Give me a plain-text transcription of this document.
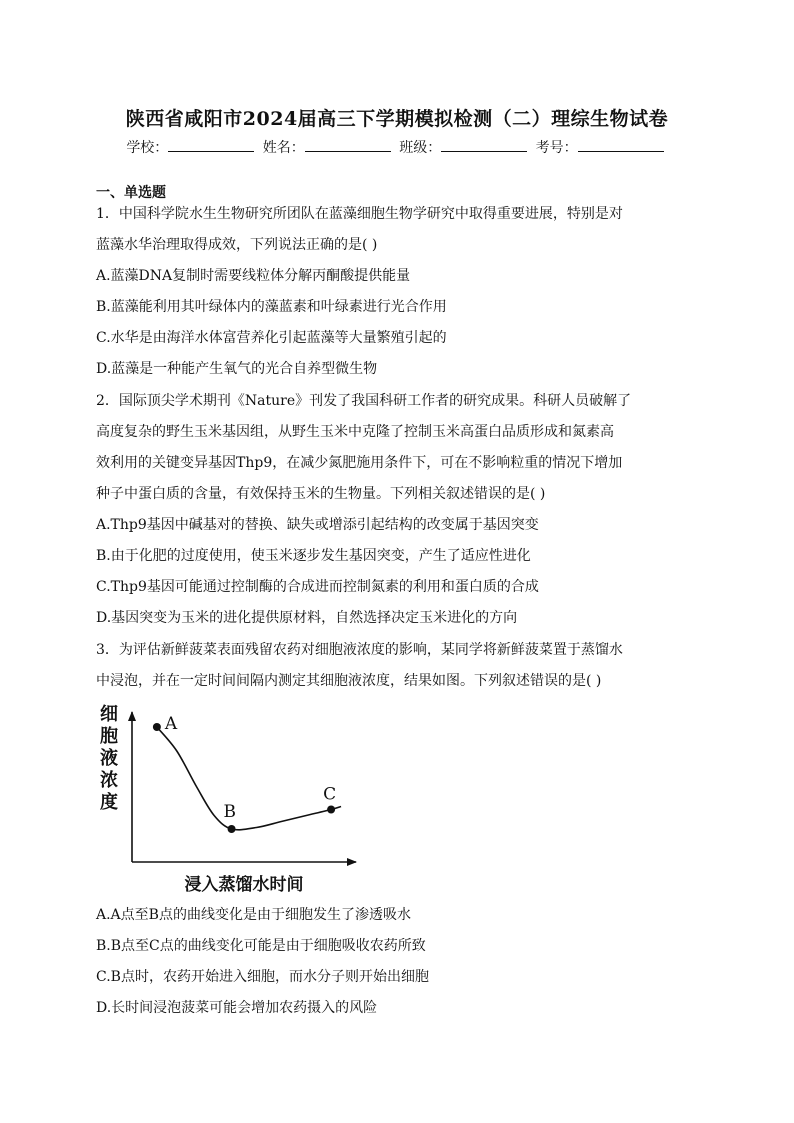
陕西省咸阳市2024届高三下学期模拟检测（二）理综生物试卷
学校：	姓名：	班级：	考号：
一、单选题
1．中国科学院水生生物研究所团队在蓝藻细胞生物学研究中取得重要进展，特别是对
蓝藻水华治理取得成效，下列说法正确的是( )
A.蓝藻DNA复制时需要线粒体分解丙酮酸提供能量
B.蓝藻能利用其叶绿体内的藻蓝素和叶绿素进行光合作用
C.水华是由海洋水体富营养化引起蓝藻等大量繁殖引起的
D.蓝藻是一种能产生氧气的光合自养型微生物
2．国际顶尖学术期刊《Nature》刊发了我国科研工作者的研究成果。科研人员破解了
高度复杂的野生玉米基因组，从野生玉米中克隆了控制玉米高蛋白品质形成和氮素高
效利用的关键变异基因Thp9，在减少氮肥施用条件下，可在不影响粒重的情况下增加
种子中蛋白质的含量，有效保持玉米的生物量。下列相关叙述错误的是( )
A.Thp9基因中碱基对的替换、缺失或增添引起结构的改变属于基因突变
B.由于化肥的过度使用，使玉米逐步发生基因突变，产生了适应性进化
C.Thp9基因可能通过控制酶的合成进而控制氮素的利用和蛋白质的合成
D.基因突变为玉米的进化提供原材料，自然选择决定玉米进化的方向
3．为评估新鲜菠菜表面残留农药对细胞液浓度的影响，某同学将新鲜菠菜置于蒸馏水
中浸泡，并在一定时间间隔内测定其细胞液浓度，结果如图。下列叙述错误的是( )
细胞液浓度
浸入蒸馏水时间
A
B
C
A.A点至B点的曲线变化是由于细胞发生了渗透吸水
B.B点至C点的曲线变化可能是由于细胞吸收农药所致
C.B点时，农药开始进入细胞，而水分子则开始出细胞
D.长时间浸泡菠菜可能会增加农药摄入的风险
